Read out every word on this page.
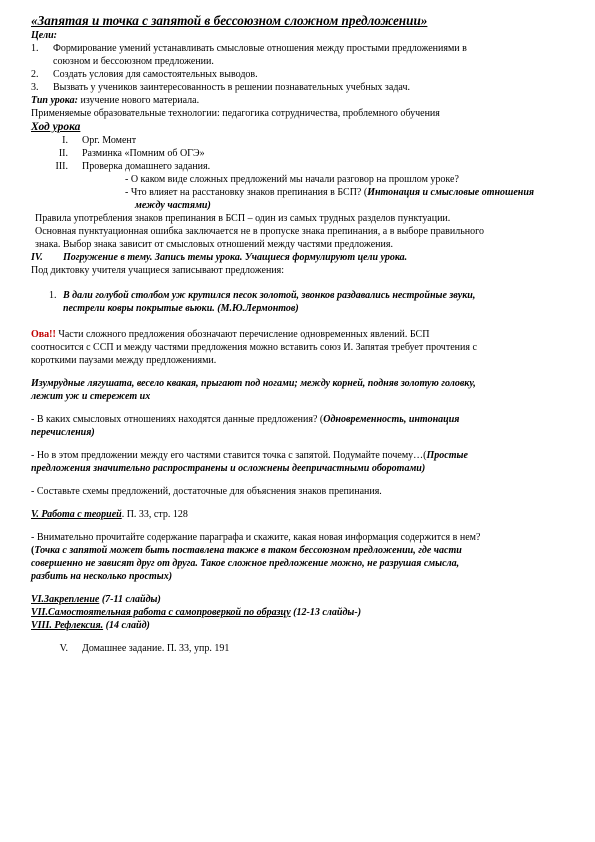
«Запятая и точка с запятой в бессоюзном сложном предложении»
Цели:
1.	Формирование умений устанавливать смысловые отношения между простыми предложениями в
союзном и бессоюзном предложении.
2.	Создать условия для самостоятельных выводов.
3.	Вызвать у учеников заинтересованность в решении познавательных учебных задач.
Тип урока: изучение нового материала.
Применяемые образовательные технологии: педагогика сотрудничества, проблемного обучения
Ход урока
I.	Орг. Момент
II.	Разминка «Помним об ОГЭ»
III.	Проверка домашнего задания.
- О каком виде сложных предложений мы начали разговор на прошлом уроке?
- Что влияет на расстановку знаков препинания в БСП? (Интонация и смысловые отношения
между частями)
Правила употребления знаков препинания в БСП – один из самых трудных разделов пунктуации.
Основная пунктуационная ошибка заключается не в пропуске знака препинания, а в выборе правильного
знака. Выбор знака зависит от смысловых отношений между частями предложения.
IV.	Погружение в тему. Запись темы урока. Учащиеся формулируют цели урока.
Под диктовку учителя учащиеся записывают предложения:
1. В дали голубой столбом уж крутился песок золотой, звонков раздавались нестройные звуки,
пестрели ковры покрытые вьюки. (М.Ю.Лермонтов)
Ова!! Части сложного предложения обозначают перечисление одновременных явлений. БСП
соотносится с ССП и между частями предложения можно вставить союз И. Запятая требует прочтения с
короткими паузами между предложениями.
Изумрудные лягушата, весело квакая, прыгают под ногами; между корней, подняв золотую головку,
лежит уж и стережет их
- В каких смысловых отношениях находятся данные предложения? (Одновременность, интонация
перечисления)
- Но в этом предложении между его частями ставится точка с запятой. Подумайте почему…(Простые
предложения значительно распространены и осложнены деепричастными оборотами)
- Составьте схемы предложений, достаточные для объяснения знаков препинания.
V. Работа с теорией. П. 33, стр. 128
- Внимательно прочитайте содержание параграфа и скажите, какая новая информация содержится в нем?
(Точка с запятой может быть поставлена также в таком бессоюзном предложении, где части
совершенно не зависят друг от друга. Такое сложное предложение можно, не разрушая смысла,
разбить на несколько простых)
VI.Закрепление (7-11 слайды)
VII.Самостоятельная работа с самопроверкой по образцу (12-13 слайды-)
VIII. Рефлексия. (14 слайд)
V.	Домашнее задание. П. 33, упр. 191
